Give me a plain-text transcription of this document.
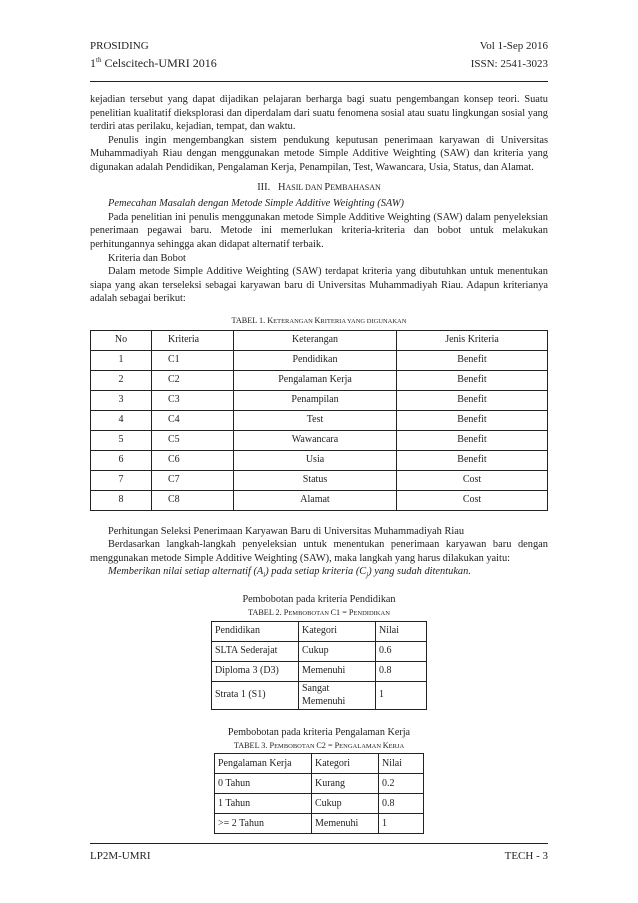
PROSIDING
1th Celscitech-UMRI 2016
Vol 1-Sep 2016
ISSN: 2541-3023

kejadian tersebut yang dapat dijadikan pelajaran berharga bagi suatu pengembangan konsep teori. Suatu penelitian kualitatif dieksplorasi dan diperdalam dari suatu fenomena sosial atau suatu lingkungan sosial yang terdiri atas perilaku, kejadian, tempat, dan waktu.

Penulis ingin mengembangkan sistem pendukung keputusan penerimaan karyawan di Universitas Muhammadiyah Riau dengan menggunakan metode Simple Additive Weighting (SAW) dan kriteria yang digunakan adalah Pendidikan, Pengalaman Kerja, Penampilan, Test, Wawancara, Usia, Status, dan Alamat.

III. HASIL DAN PEMBAHASAN

Pemecahan Masalah dengan Metode Simple Additive Weighting (SAW)

Pada penelitian ini penulis menggunakan metode Simple Additive Weighting (SAW) dalam penyeleksian penerimaan pegawai baru. Metode ini memerlukan kriteria-kriteria dan bobot untuk melakukan perhitungannya sehingga akan didapat alternatif terbaik.

Kriteria dan Bobot

Dalam metode Simple Additive Weighting (SAW) terdapat kriteria yang dibutuhkan untuk menentukan siapa yang akan terseleksi sebagai karyawan baru di Universitas Muhammadiyah Riau. Adapun kriterianya adalah sebagai berikut:

TABEL 1. KETERANGAN KRITERIA YANG DIGUNAKAN

No	Kriteria	Keterangan	Jenis Kriteria
1	C1	Pendidikan	Benefit
2	C2	Pengalaman Kerja	Benefit
3	C3	Penampilan	Benefit
4	C4	Test	Benefit
5	C5	Wawancara	Benefit
6	C6	Usia	Benefit
7	C7	Status	Cost
8	C8	Alamat	Cost

Perhitungan Seleksi Penerimaan Karyawan Baru di Universitas Muhammadiyah Riau

Berdasarkan langkah-langkah penyeleksian untuk menentukan penerimaan karyawan baru dengan menggunakan metode Simple Additive Weighting (SAW), maka langkah yang harus dilakukan yaitu:

Memberikan nilai setiap alternatif $(A_i)$ pada setiap kriteria $(C_j)$ yang sudah ditentukan.

Pembobotan pada kriteria Pendidikan

TABEL 2. PEMBOBOTAN C1 = PENDIDIKAN

Pendidikan	Kategori	Nilai
SLTA Sederajat	Cukup	0.6
Diploma 3 (D3)	Memenuhi	0.8
Strata 1 (S1)	Sangat Memenuhi	1

Pembobotan pada kriteria Pengalaman Kerja

TABEL 3. PEMBOBOTAN C2 = PENGALAMAN KERJA

Pengalaman Kerja	Kategori	Nilai
0 Tahun	Kurang	0.2
1 Tahun	Cukup	0.8
>= 2 Tahun	Memenuhi	1
LP2M-UMRI	TECH - 3
